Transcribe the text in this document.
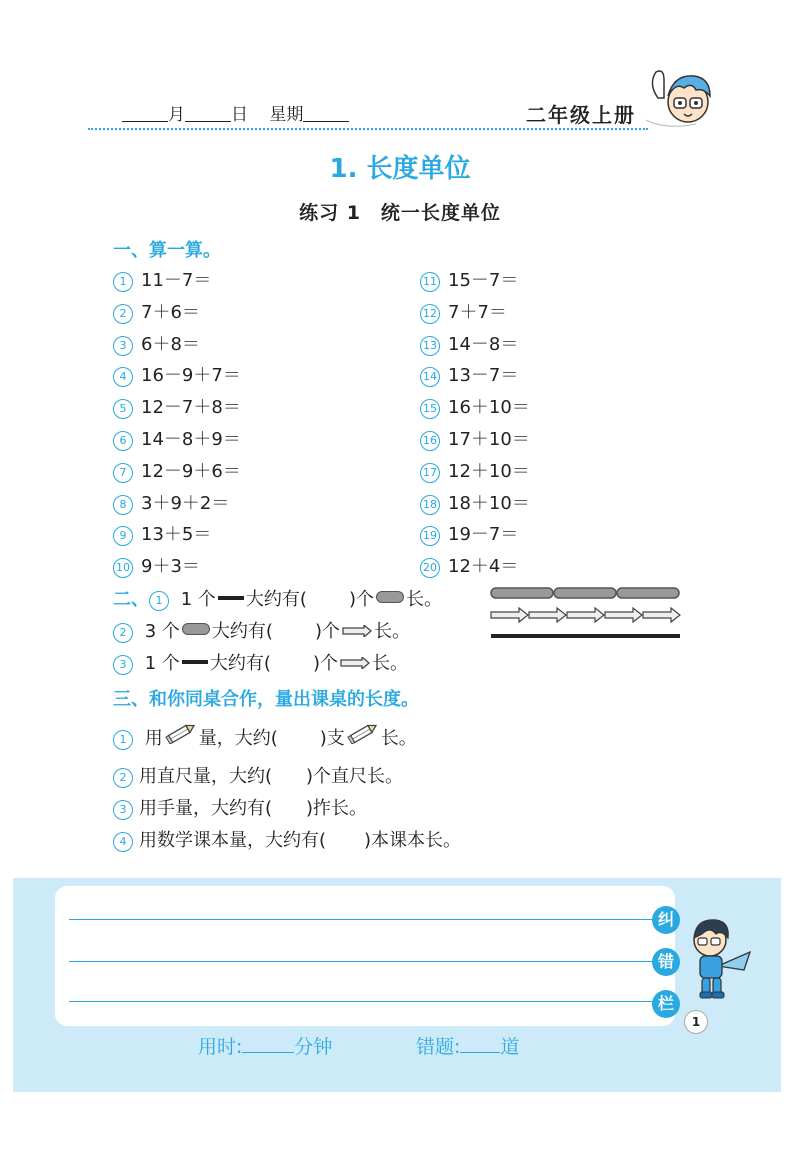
月	日 星期	二年级上册
1. 长度单位
练习 1　统一长度单位
一、算一算。
1 11－7＝
2 7＋6＝
3 6＋8＝
4 16－9＋7＝
5 12－7＋8＝
6 14－8＋9＝
7 12－9＋6＝
8 3＋9＋2＝
9 13＋5＝
10 9＋3＝
11 15－7＝
12 7＋7＝
13 14－8＝
14 13－7＝
15 16＋10＝
16 17＋10＝
17 12＋10＝
18 18＋10＝
19 19－7＝
20 12＋4＝
二、 1 1 个 大约有( )个 长。
2 3 个 大约有( )个 长。
3 1 个 大约有( )个 长。
三、和你同桌合作，量出课桌的长度。
1 用 量，大约( )支 长。
2 用直尺量，大约( )个直尺长。
3 用手量，大约有( )拃长。
4 用数学课本量，大约有( )本课本长。
纠
错
栏
1
用时:	分钟	错题: 道
